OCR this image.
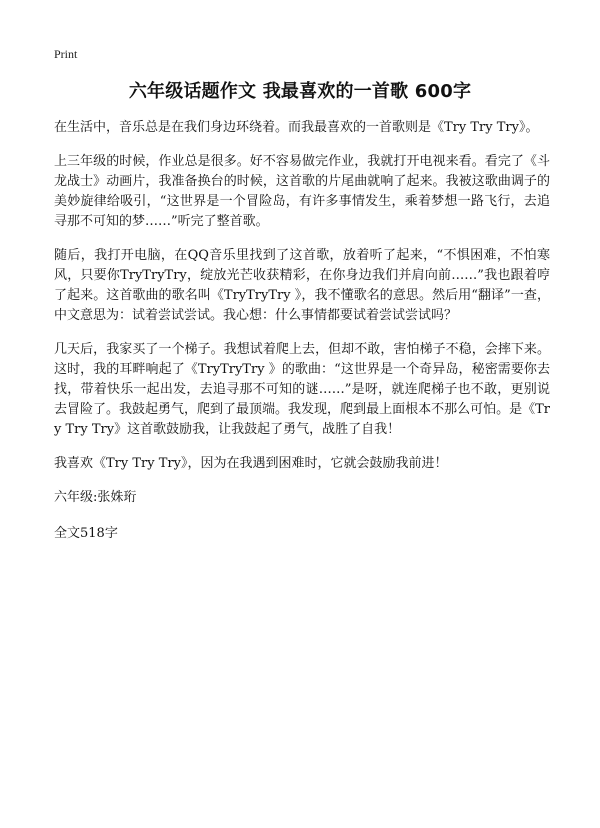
Print
六年级话题作文 我最喜欢的一首歌 600字

在生活中，音乐总是在我们身边环绕着。而我最喜欢的一首歌则是《Try Try Try》。

上三年级的时候，作业总是很多。好不容易做完作业，我就打开电视来看。看完了《斗龙战士》动画片，我准备换台的时候，这首歌的片尾曲就响了起来。我被这歌曲调子的美妙旋律给吸引，“这世界是一个冒险岛，有许多事情发生，乘着梦想一路飞行，去追寻那不可知的梦……”听完了整首歌。

随后，我打开电脑，在QQ音乐里找到了这首歌，放着听了起来，“不惧困难，不怕寒风，只要你TryTryTry，绽放光芒收获精彩，在你身边我们并肩向前……”我也跟着哼了起来。这首歌曲的歌名叫《TryTryTry 》，我不懂歌名的意思。然后用“翻译”一查，中文意思为：试着尝试尝试。我心想：什么事情都要试着尝试尝试吗？

几天后，我家买了一个梯子。我想试着爬上去，但却不敢，害怕梯子不稳，会摔下来。这时，我的耳畔响起了《TryTryTry 》的歌曲：“这世界是一个奇异岛，秘密需要你去找，带着快乐一起出发，去追寻那不可知的谜……”是呀，就连爬梯子也不敢，更别说去冒险了。我鼓起勇气，爬到了最顶端。我发现，爬到最上面根本不那么可怕。是《Try Try Try》这首歌鼓励我，让我鼓起了勇气，战胜了自我！

我喜欢《Try Try Try》，因为在我遇到困难时，它就会鼓励我前进！

六年级:张姝珩

全文518字
